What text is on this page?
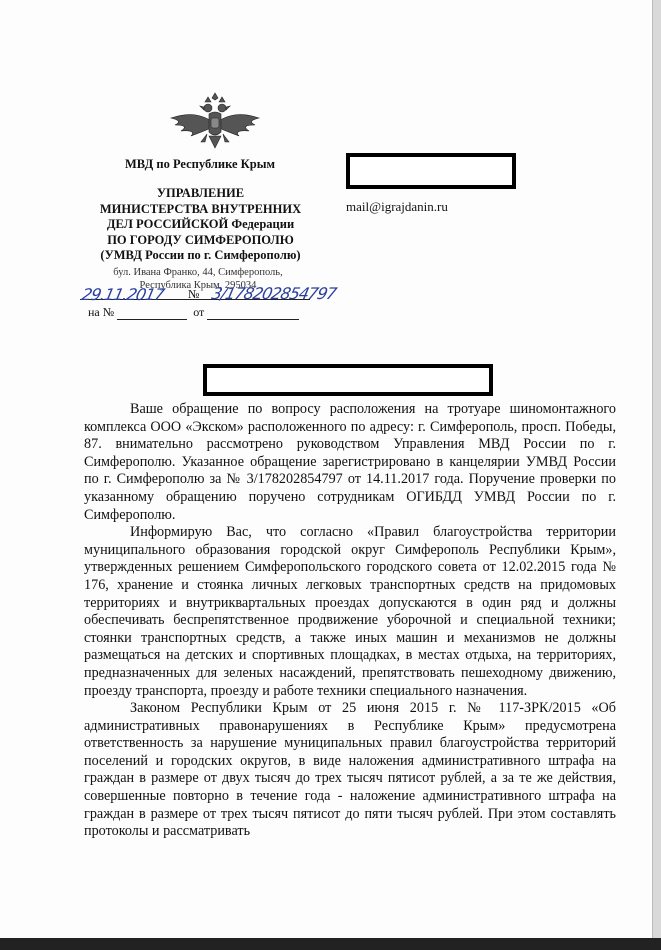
МВД по Республике Крым
УПРАВЛЕНИЕ
МИНИСТЕРСТВА ВНУТРЕННИХ
ДЕЛ РОССИЙСКОЙ Федерации
ПО ГОРОДУ СИМФЕРОПОЛЮ
(УМВД России по г. Симферополю)
бул. Ивана Франко, 44, Симферополь,
Республика Крым, 295034
29.11.2017 № 3/178202854797
на №	от
mail@igrajdanin.ru

Ваше обращение по вопросу расположения на тротуаре шиномонтажного комплекса ООО «Экском» расположенного по адресу: г. Симферополь, просп. Победы, 87. внимательно рассмотрено руководством Управления МВД России по г. Симферополю. Указанное обращение зарегистрировано в канцелярии УМВД России по г. Симферополю за № 3/178202854797 от 14.11.2017 года. Поручение проверки по указанному обращению поручено сотрудникам ОГИБДД УМВД России по г. Симферополю.

Информирую Вас, что согласно «Правил благоустройства территории муниципального образования городской округ Симферополь Республики Крым», утвержденных решением Симферопольского городского совета от 12.02.2015 года № 176, хранение и стоянка личных легковых транспортных средств на придомовых территориях и внутриквартальных проездах допускаются в один ряд и должны обеспечивать беспрепятственное продвижение уборочной и специальной техники; стоянки транспортных средств, а также иных машин и механизмов не должны размещаться на детских и спортивных площадках, в местах отдыха, на территориях, предназначенных для зеленых насаждений, препятствовать пешеходному движению, проезду транспорта, проезду и работе техники специального назначения.

Законом Республики Крым от 25 июня 2015 г. № 117-ЗРК/2015 «Об административных правонарушениях в Республике Крым» предусмотрена ответственность за нарушение муниципальных правил благоустройства территорий поселений и городских округов, в виде наложения административного штрафа на граждан в размере от двух тысяч до трех тысяч пятисот рублей, а за те же действия, совершенные повторно в течение года - наложение административного штрафа на граждан в размере от трех тысяч пятисот до пяти тысяч рублей. При этом составлять протоколы и рассматривать
